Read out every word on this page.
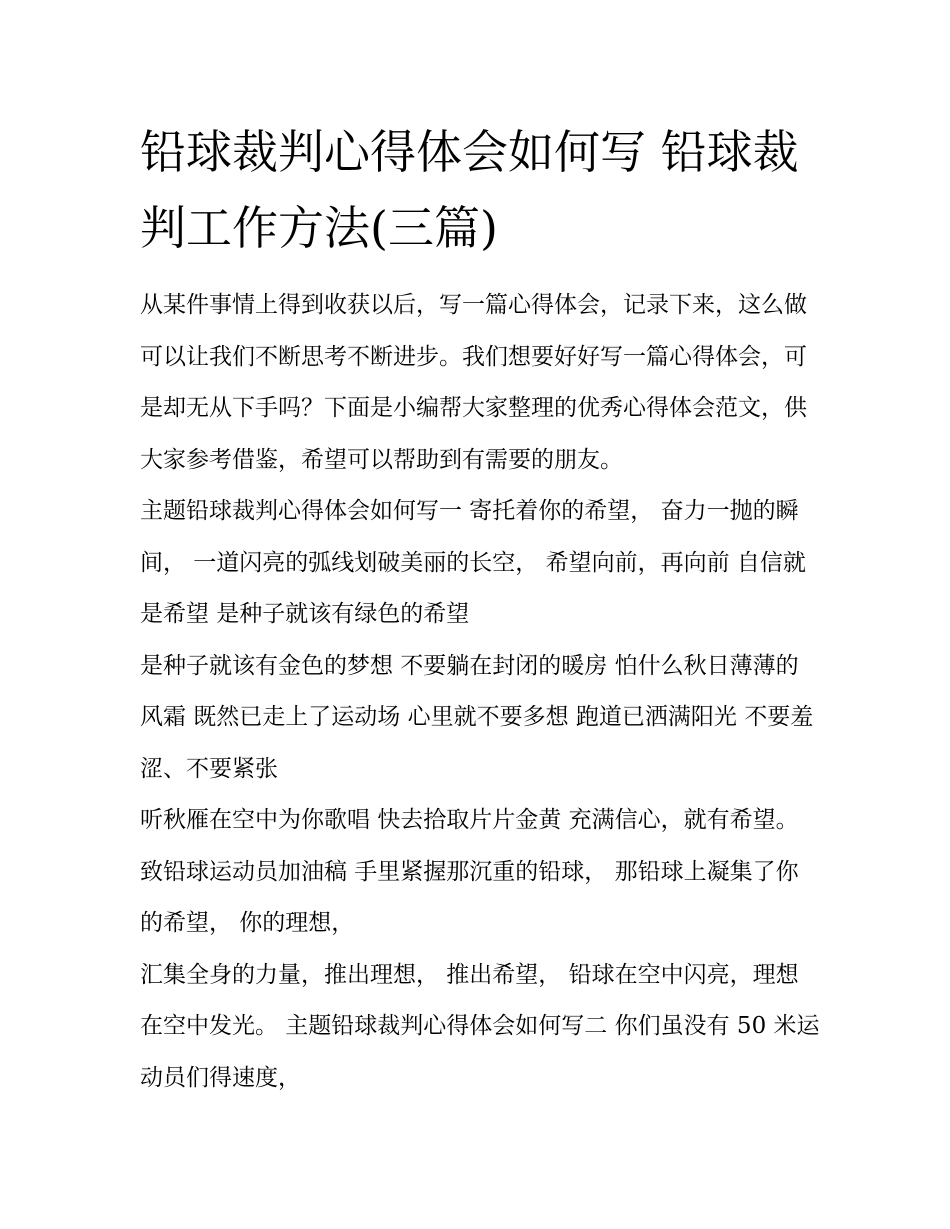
铅球裁判心得体会如何写 铅球裁判工作方法(三篇)

从某件事情上得到收获以后，写一篇心得体会，记录下来，这么做可以让我们不断思考不断进步。我们想要好好写一篇心得体会，可是却无从下手吗？下面是小编帮大家整理的优秀心得体会范文，供大家参考借鉴，希望可以帮助到有需要的朋友。

主题铅球裁判心得体会如何写一 寄托着你的希望， 奋力一抛的瞬间， 一道闪亮的弧线划破美丽的长空， 希望向前，再向前 自信就是希望 是种子就该有绿色的希望

是种子就该有金色的梦想 不要躺在封闭的暖房 怕什么秋日薄薄的风霜 既然已走上了运动场 心里就不要多想 跑道已洒满阳光 不要羞涩、不要紧张

听秋雁在空中为你歌唱 快去拾取片片金黄 充满信心，就有希望。 致铅球运动员加油稿 手里紧握那沉重的铅球， 那铅球上凝集了你的希望， 你的理想，

汇集全身的力量，推出理想， 推出希望， 铅球在空中闪亮，理想在空中发光。 主题铅球裁判心得体会如何写二 你们虽没有 50 米运动员们得速度，
